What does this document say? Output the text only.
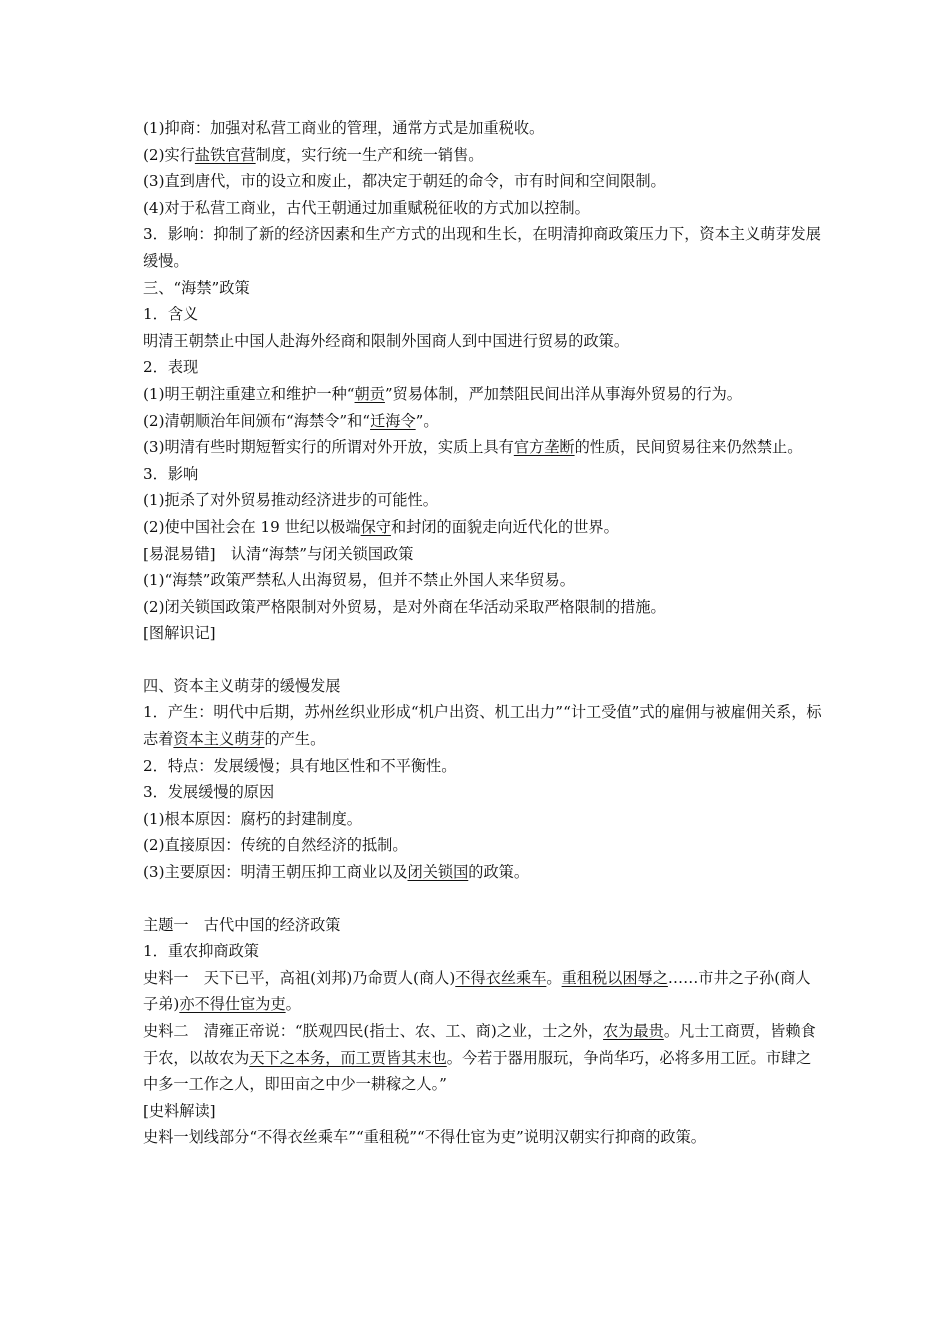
(1)抑商：加强对私营工商业的管理，通常方式是加重税收。
(2)实行盐铁官营制度，实行统一生产和统一销售。
(3)直到唐代，市的设立和废止，都决定于朝廷的命令，市有时间和空间限制。
(4)对于私营工商业，古代王朝通过加重赋税征收的方式加以控制。
3．影响：抑制了新的经济因素和生产方式的出现和生长，在明清抑商政策压力下，资本主义萌芽发展缓慢。
三、“海禁”政策
1．含义
明清王朝禁止中国人赴海外经商和限制外国商人到中国进行贸易的政策。
2．表现
(1)明王朝注重建立和维护一种“朝贡”贸易体制，严加禁阻民间出洋从事海外贸易的行为。
(2)清朝顺治年间颁布“海禁令”和“迁海令”。
(3)明清有些时期短暂实行的所谓对外开放，实质上具有官方垄断的性质，民间贸易往来仍然禁止。
3．影响
(1)扼杀了对外贸易推动经济进步的可能性。
(2)使中国社会在 19 世纪以极端保守和封闭的面貌走向近代化的世界。
[易混易错]　认清“海禁”与闭关锁国政策
(1)“海禁”政策严禁私人出海贸易，但并不禁止外国人来华贸易。
(2)闭关锁国政策严格限制对外贸易，是对外商在华活动采取严格限制的措施。
[图解识记]
四、资本主义萌芽的缓慢发展
1．产生：明代中后期，苏州丝织业形成“机户出资、机工出力”“计工受值”式的雇佣与被雇佣关系，标志着资本主义萌芽的产生。
2．特点：发展缓慢；具有地区性和不平衡性。
3．发展缓慢的原因
(1)根本原因：腐朽的封建制度。
(2)直接原因：传统的自然经济的抵制。
(3)主要原因：明清王朝压抑工商业以及闭关锁国的政策。
主题一　古代中国的经济政策
1．重农抑商政策
史料一　天下已平，高祖(刘邦)乃命贾人(商人)不得衣丝乘车。重租税以困辱之……市井之子孙(商人子弟)亦不得仕宦为吏。
史料二　清雍正帝说：“朕观四民(指士、农、工、商)之业，士之外，农为最贵。凡士工商贾，皆赖食于农，以故农为天下之本务，而工贾皆其末也。今若于器用服玩，争尚华巧，必将多用工匠。市肆之中多一工作之人，即田亩之中少一耕稼之人。”
[史料解读]
史料一划线部分“不得衣丝乘车”“重租税”“不得仕宦为吏”说明汉朝实行抑商的政策。
